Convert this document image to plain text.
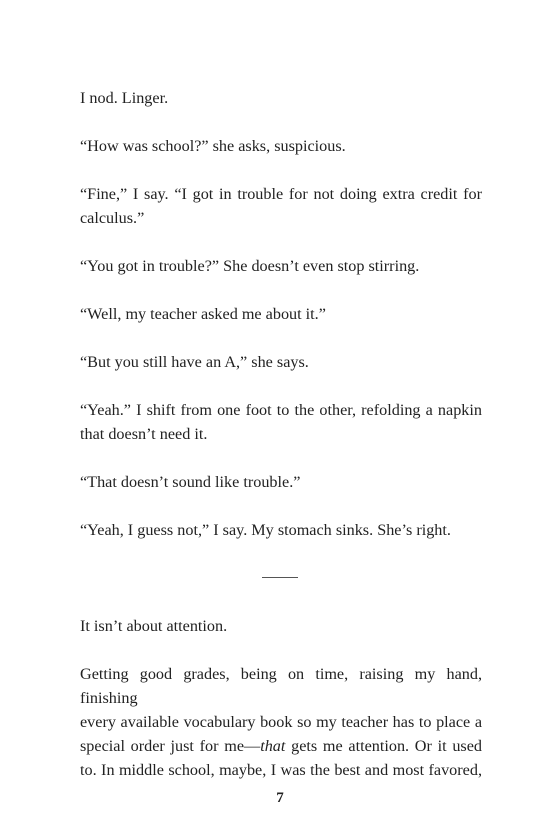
I nod. Linger.
“How was school?” she asks, suspicious.
“Fine,” I say. “I got in trouble for not doing extra credit for
calculus.”
“You got in trouble?” She doesn’t even stop stirring.
“Well, my teacher asked me about it.”
“But you still have an A,” she says.
“Yeah.” I shift from one foot to the other, refolding a napkin
that doesn’t need it.
“That doesn’t sound like trouble.”
“Yeah, I guess not,” I say. My stomach sinks. She’s right.
It isn’t about attention.
Getting good grades, being on time, raising my hand, finishing
every available vocabulary book so my teacher has to place a
special order just for me—that gets me attention. Or it used
to. In middle school, maybe, I was the best and most favored,
7
